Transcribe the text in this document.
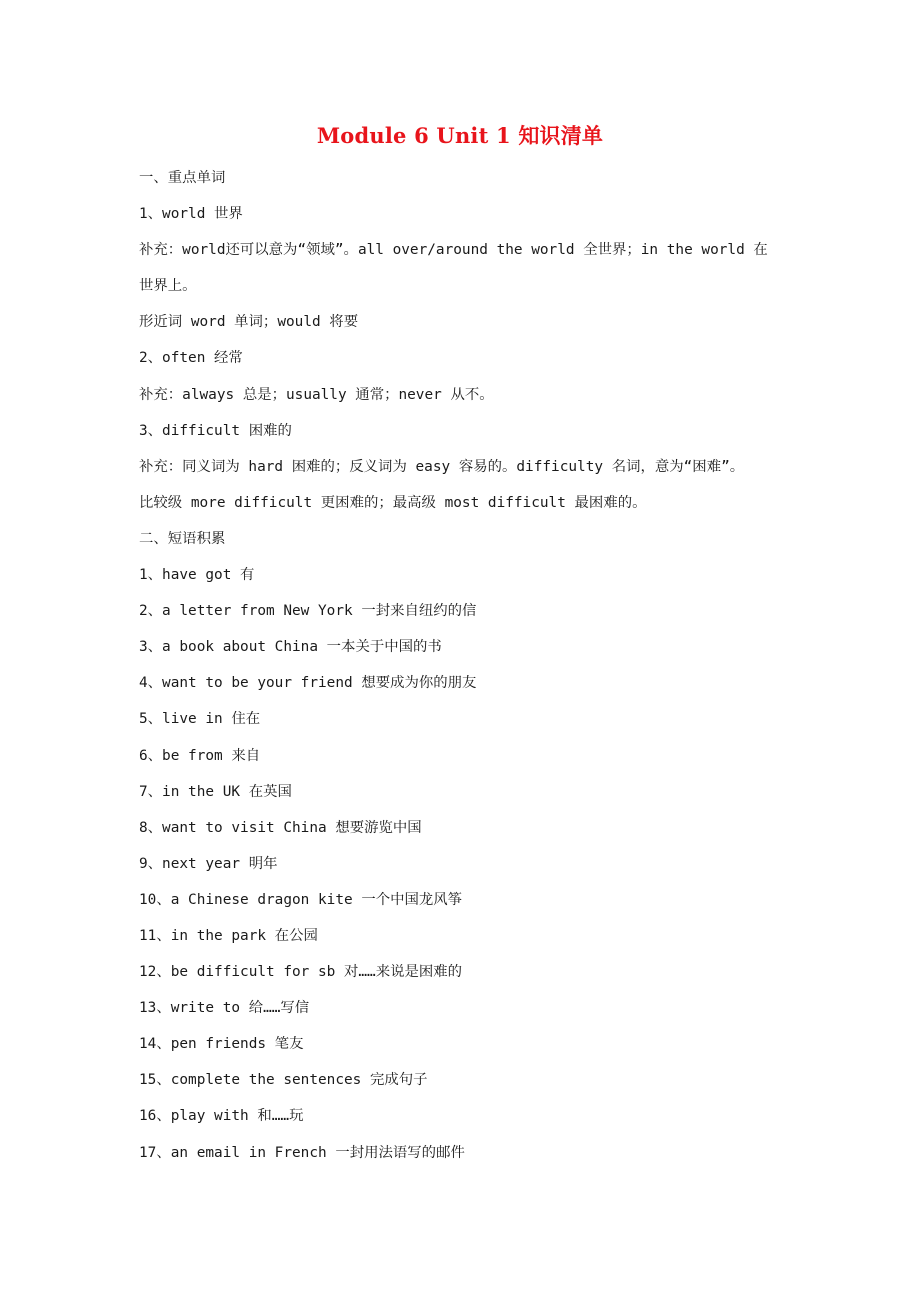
Module 6 Unit 1 知识清单
一、重点单词
1、world 世界
补充：world还可以意为“领域”。all over/around the world 全世界；in the world 在
世界上。
形近词 word 单词；would 将要
2、often 经常
补充：always 总是；usually 通常；never 从不。
3、difficult 困难的
补充：同义词为 hard 困难的；反义词为 easy 容易的。difficulty 名词，意为“困难”。
比较级 more difficult 更困难的；最高级 most difficult 最困难的。
二、短语积累
1、have got 有
2、a letter from New York 一封来自纽约的信
3、a book about China 一本关于中国的书
4、want to be your friend 想要成为你的朋友
5、live in 住在
6、be from 来自
7、in the UK 在英国
8、want to visit China 想要游览中国
9、next year 明年
10、a Chinese dragon kite 一个中国龙风筝
11、in the park 在公园
12、be difficult for sb 对……来说是困难的
13、write to 给……写信
14、pen friends 笔友
15、complete the sentences 完成句子
16、play with 和……玩
17、an email in French 一封用法语写的邮件
